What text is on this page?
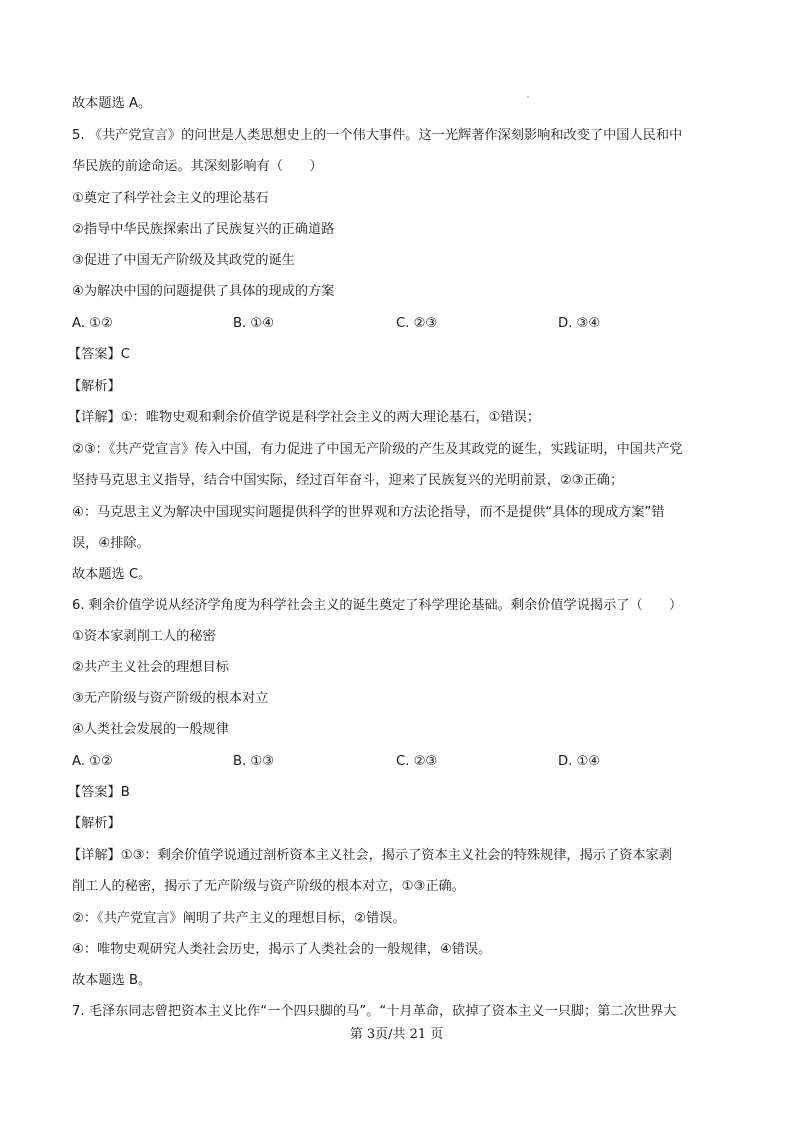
故本题选 A。
5. 《共产党宣言》的问世是人类思想史上的一个伟大事件。这一光辉著作深刻影响和改变了中国人民和中
华民族的前途命运。其深刻影响有（　　）
①奠定了科学社会主义的理论基石
②指导中华民族探索出了民族复兴的正确道路
③促进了中国无产阶级及其政党的诞生
④为解决中国的问题提供了具体的现成的方案
A. ①②	B. ①④	C. ②③	D. ③④
【答案】C
【解析】
【详解】①：唯物史观和剩余价值学说是科学社会主义的两大理论基石，①错误；
②③：《共产党宣言》传入中国，有力促进了中国无产阶级的产生及其政党的诞生，实践证明，中国共产党
坚持马克思主义指导，结合中国实际，经过百年奋斗，迎来了民族复兴的光明前景，②③正确；
④：马克思主义为解决中国现实问题提供科学的世界观和方法论指导，而不是提供“具体的现成方案”错
误，④排除。
故本题选 C。
6. 剩余价值学说从经济学角度为科学社会主义的诞生奠定了科学理论基础。剩余价值学说揭示了（　　）
①资本家剥削工人的秘密
②共产主义社会的理想目标
③无产阶级与资产阶级的根本对立
④人类社会发展的一般规律
A. ①②	B. ①③	C. ②③	D. ①④
【答案】B
【解析】
【详解】①③：剩余价值学说通过剖析资本主义社会，揭示了资本主义社会的特殊规律，揭示了资本家剥
削工人的秘密，揭示了无产阶级与资产阶级的根本对立，①③正确。
②：《共产党宣言》阐明了共产主义的理想目标，②错误。
④：唯物史观研究人类社会历史，揭示了人类社会的一般规律，④错误。
故本题选 B。
7. 毛泽东同志曾把资本主义比作“一个四只脚的马”。“十月革命，砍掉了资本主义一只脚；第二次世界大
第 3页/共 21 页
